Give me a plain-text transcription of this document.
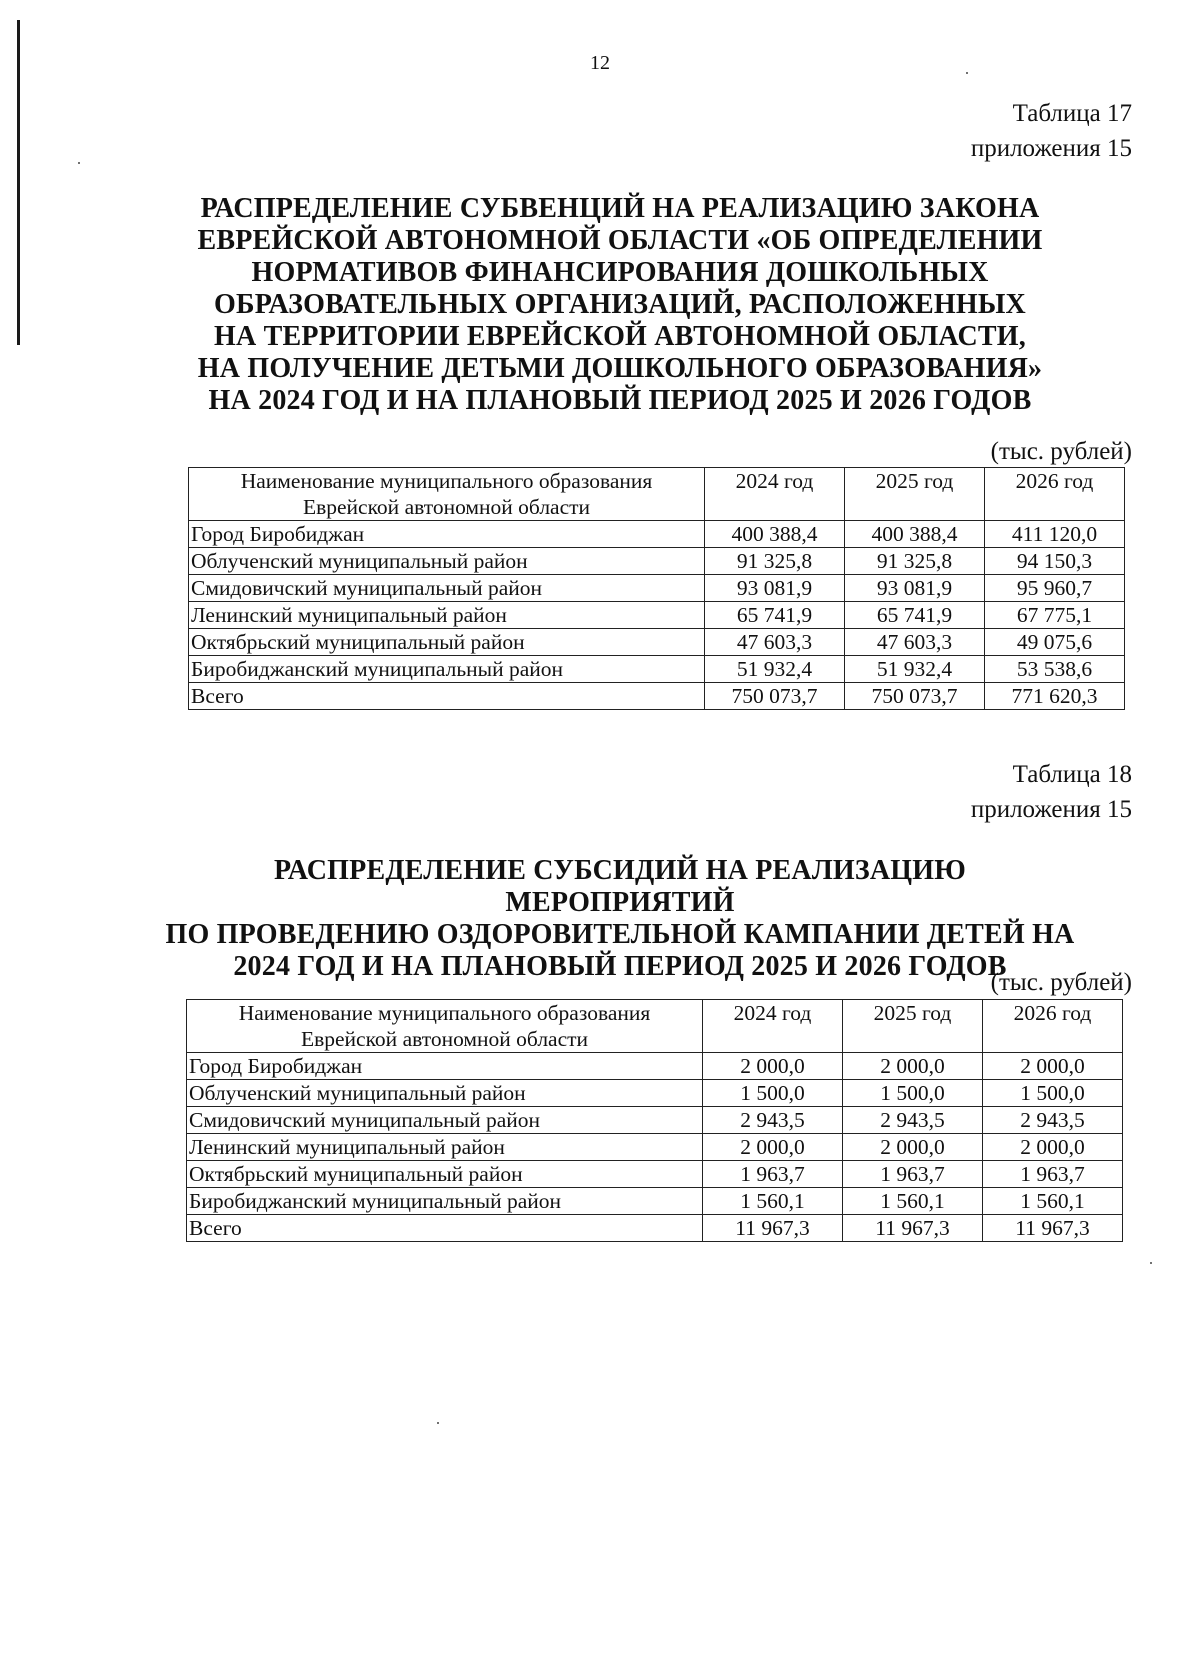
12
Таблица 17
приложения 15
РАСПРЕДЕЛЕНИЕ СУБВЕНЦИЙ НА РЕАЛИЗАЦИЮ ЗАКОНА
ЕВРЕЙСКОЙ АВТОНОМНОЙ ОБЛАСТИ «ОБ ОПРЕДЕЛЕНИИ
НОРМАТИВОВ ФИНАНСИРОВАНИЯ ДОШКОЛЬНЫХ
ОБРАЗОВАТЕЛЬНЫХ ОРГАНИЗАЦИЙ, РАСПОЛОЖЕННЫХ
НА ТЕРРИТОРИИ ЕВРЕЙСКОЙ АВТОНОМНОЙ ОБЛАСТИ,
НА ПОЛУЧЕНИЕ ДЕТЬМИ ДОШКОЛЬНОГО ОБРАЗОВАНИЯ»
НА 2024 ГОД И НА ПЛАНОВЫЙ ПЕРИОД 2025 И 2026 ГОДОВ
(тыс. рублей)
Наименование муниципального образования
Еврейской автономной области	2024 год	2025 год	2026 год
Город Биробиджан	400 388,4	400 388,4	411 120,0
Облученский муниципальный район	91 325,8	91 325,8	94 150,3
Смидовичский муниципальный район	93 081,9	93 081,9	95 960,7
Ленинский муниципальный район	65 741,9	65 741,9	67 775,1
Октябрьский муниципальный район	47 603,3	47 603,3	49 075,6
Биробиджанский муниципальный район	51 932,4	51 932,4	53 538,6
Всего	750 073,7	750 073,7	771 620,3
Таблица 18
приложения 15
РАСПРЕДЕЛЕНИЕ СУБСИДИЙ НА РЕАЛИЗАЦИЮ МЕРОПРИЯТИЙ
ПО ПРОВЕДЕНИЮ ОЗДОРОВИТЕЛЬНОЙ КАМПАНИИ ДЕТЕЙ НА
2024 ГОД И НА ПЛАНОВЫЙ ПЕРИОД 2025 И 2026 ГОДОВ
(тыс. рублей)
Наименование муниципального образования
Еврейской автономной области	2024 год	2025 год	2026 год
Город Биробиджан	2 000,0	2 000,0	2 000,0
Облученский муниципальный район	1 500,0	1 500,0	1 500,0
Смидовичский муниципальный район	2 943,5	2 943,5	2 943,5
Ленинский муниципальный район	2 000,0	2 000,0	2 000,0
Октябрьский муниципальный район	1 963,7	1 963,7	1 963,7
Биробиджанский муниципальный район	1 560,1	1 560,1	1 560,1
Всего	11 967,3	11 967,3	11 967,3
